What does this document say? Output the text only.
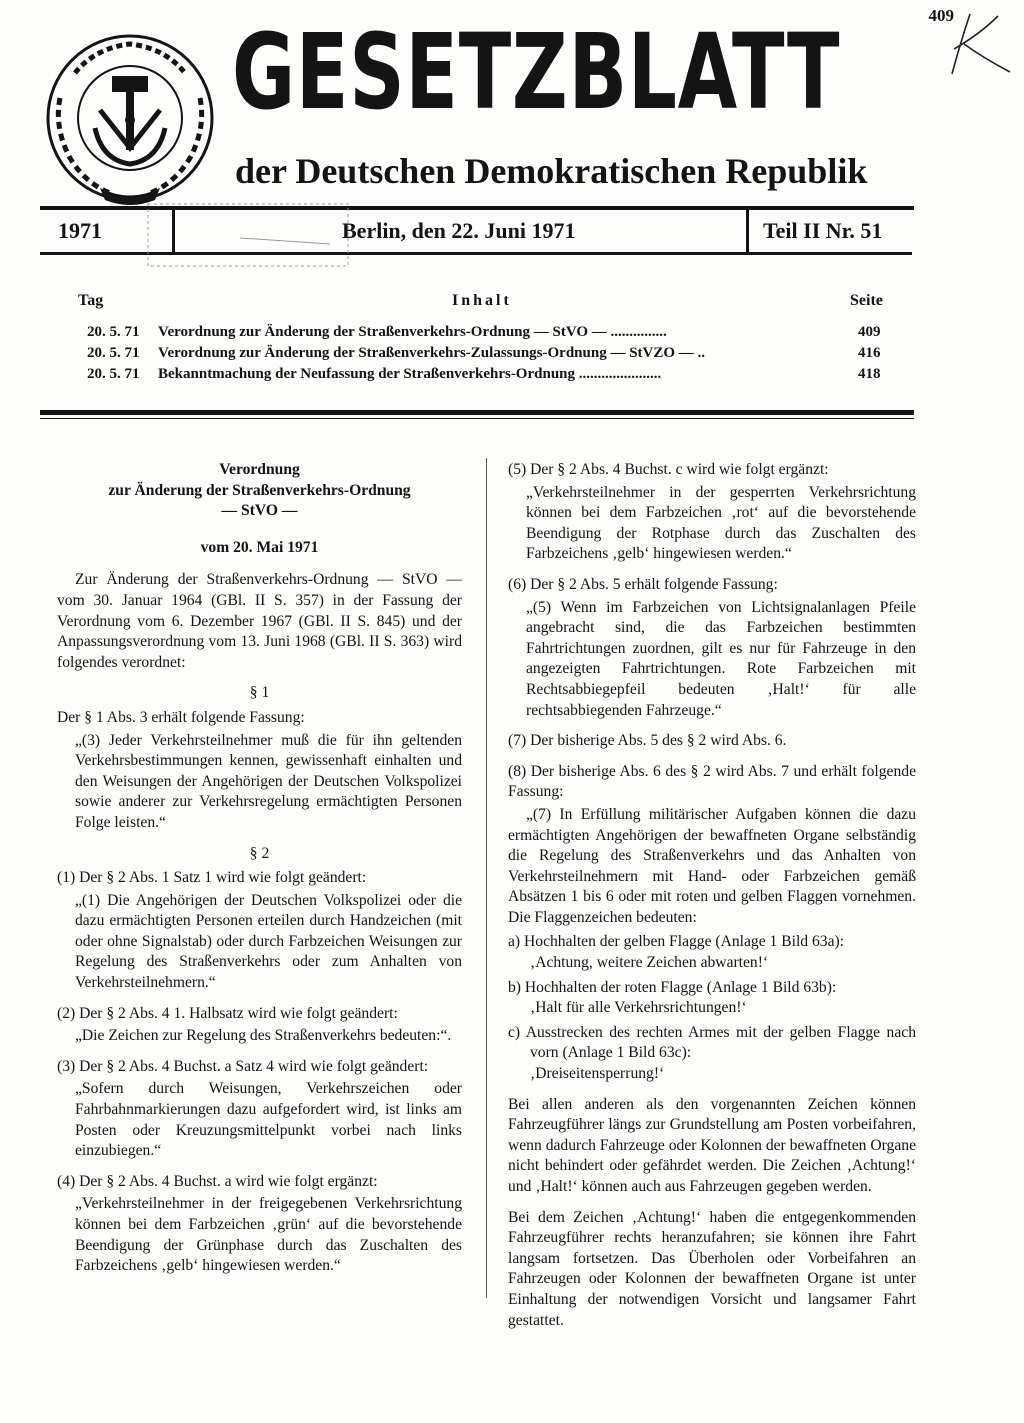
409
GESETZBLATT
der Deutschen Demokratischen Republik
1971	Berlin, den 22. Juni 1971	Teil II Nr. 51
Tag	Inhalt	Seite
20. 5. 71 Verordnung zur Änderung der Straßenverkehrs-Ordnung — StVO — ...............	409
20. 5. 71 Verordnung zur Änderung der Straßenverkehrs-Zulassungs-Ordnung — StVZO — ..	416
20. 5. 71 Bekanntmachung der Neufassung der Straßenverkehrs-Ordnung ......................	418

Verordnung

zur Änderung der Straßenverkehrs-Ordnung

— StVO —

vom 20. Mai 1971

Zur Änderung der Straßenverkehrs-Ordnung — StVO — vom 30. Januar 1964 (GBl. II S. 357) in der Fassung der Verordnung vom 6. Dezember 1967 (GBl. II S. 845) und der Anpassungsverordnung vom 13. Juni 1968 (GBl. II S. 363) wird folgendes verordnet:

§ 1

Der § 1 Abs. 3 erhält folgende Fassung:

„(3) Jeder Verkehrsteilnehmer muß die für ihn geltenden Verkehrsbestimmungen kennen, gewissenhaft einhalten und den Weisungen der Angehörigen der Deutschen Volkspolizei sowie anderer zur Verkehrsregelung ermächtigten Personen Folge leisten.“

§ 2

(1) Der § 2 Abs. 1 Satz 1 wird wie folgt geändert:

„(1) Die Angehörigen der Deutschen Volkspolizei oder die dazu ermächtigten Personen erteilen durch Handzeichen (mit oder ohne Signalstab) oder durch Farbzeichen Weisungen zur Regelung des Straßenverkehrs oder zum Anhalten von Verkehrsteilnehmern.“

(2) Der § 2 Abs. 4 1. Halbsatz wird wie folgt geändert:

„Die Zeichen zur Regelung des Straßenverkehrs bedeuten:“.

(3) Der § 2 Abs. 4 Buchst. a Satz 4 wird wie folgt geändert:

„Sofern durch Weisungen, Verkehrszeichen oder Fahrbahnmarkierungen dazu aufgefordert wird, ist links am Posten oder Kreuzungsmittelpunkt vorbei nach links einzubiegen.“

(4) Der § 2 Abs. 4 Buchst. a wird wie folgt ergänzt:

„Verkehrsteilnehmer in der freigegebenen Verkehrsrichtung können bei dem Farbzeichen ‚grün‘ auf die bevorstehende Beendigung der Grünphase durch das Zuschalten des Farbzeichens ‚gelb‘ hingewiesen werden.“

(5) Der § 2 Abs. 4 Buchst. c wird wie folgt ergänzt:

„Verkehrsteilnehmer in der gesperrten Verkehrsrichtung können bei dem Farbzeichen ‚rot‘ auf die bevorstehende Beendigung der Rotphase durch das Zuschalten des Farbzeichens ‚gelb‘ hingewiesen werden.“

(6) Der § 2 Abs. 5 erhält folgende Fassung:

„(5) Wenn im Farbzeichen von Lichtsignalanlagen Pfeile angebracht sind, die das Farbzeichen bestimmten Fahrtrichtungen zuordnen, gilt es nur für Fahrzeuge in den angezeigten Fahrtrichtungen. Rote Farbzeichen mit Rechtsabbiegepfeil bedeuten ‚Halt!‘ für alle rechtsabbiegenden Fahrzeuge.“

(7) Der bisherige Abs. 5 des § 2 wird Abs. 6.

(8) Der bisherige Abs. 6 des § 2 wird Abs. 7 und erhält folgende Fassung:

„(7) In Erfüllung militärischer Aufgaben können die dazu ermächtigten Angehörigen der bewaffneten Organe selbständig die Regelung des Straßenverkehrs und das Anhalten von Verkehrsteilnehmern mit Hand- oder Farbzeichen gemäß Absätzen 1 bis 6 oder mit roten und gelben Flaggen vornehmen. Die Flaggenzeichen bedeuten:

a) Hochhalten der gelben Flagge (Anlage 1 Bild 63a):

‚Achtung, weitere Zeichen abwarten!‘

b) Hochhalten der roten Flagge (Anlage 1 Bild 63b):

‚Halt für alle Verkehrsrichtungen!‘

c) Ausstrecken des rechten Armes mit der gelben Flagge nach vorn (Anlage 1 Bild 63c):

‚Dreiseitensperrung!‘

Bei allen anderen als den vorgenannten Zeichen können Fahrzeugführer längs zur Grundstellung am Posten vorbeifahren, wenn dadurch Fahrzeuge oder Kolonnen der bewaffneten Organe nicht behindert oder gefährdet werden. Die Zeichen ‚Achtung!‘ und ‚Halt!‘ können auch aus Fahrzeugen gegeben werden.

Bei dem Zeichen ‚Achtung!‘ haben die entgegenkommenden Fahrzeugführer rechts heranzufahren; sie können ihre Fahrt langsam fortsetzen. Das Überholen oder Vorbeifahren an Fahrzeugen oder Kolonnen der bewaffneten Organe ist unter Einhaltung der notwendigen Vorsicht und langsamer Fahrt gestattet.
